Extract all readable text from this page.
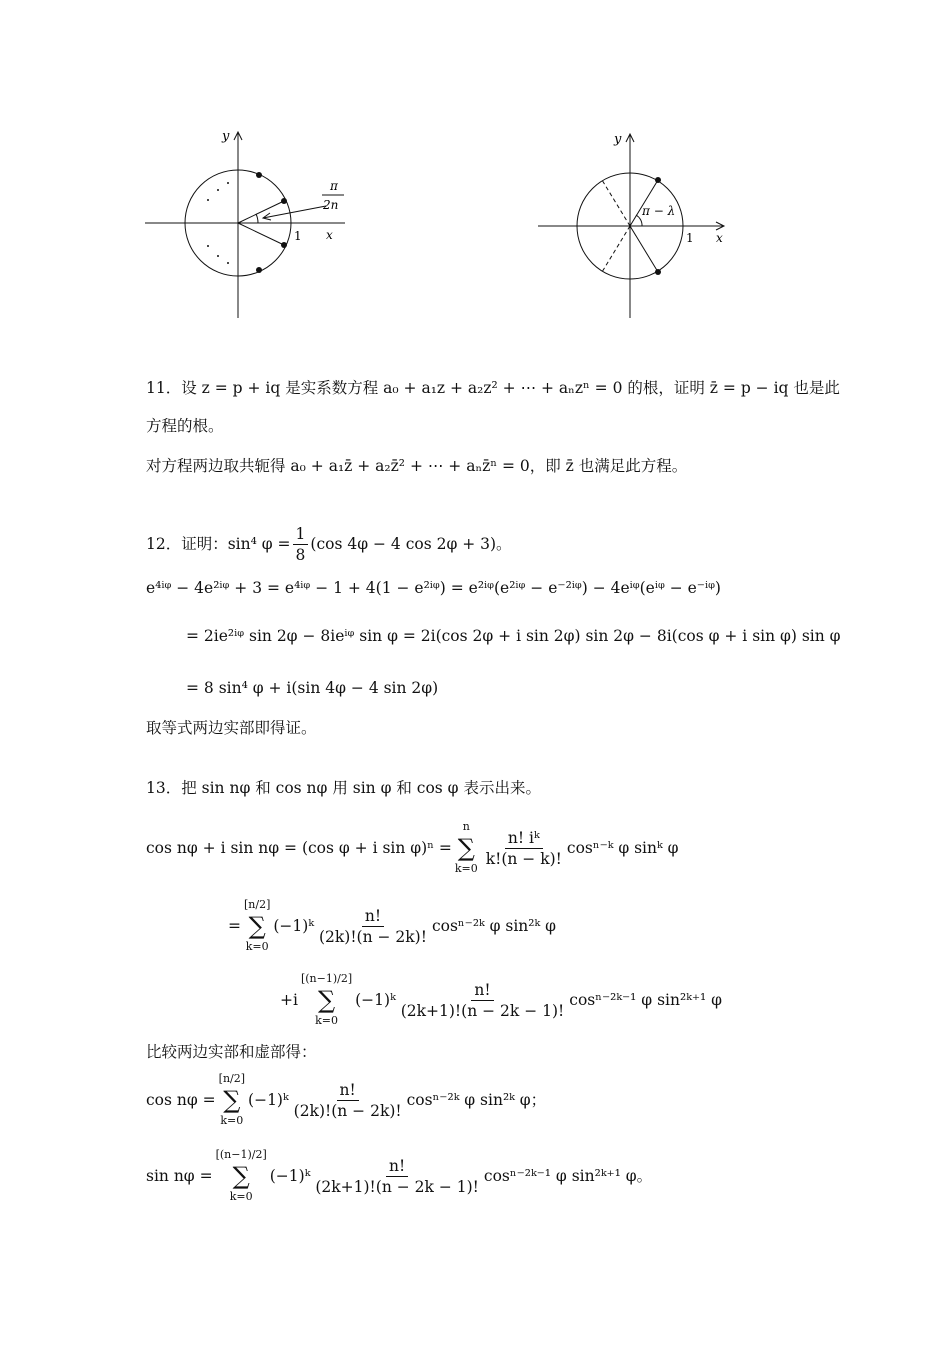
y
x
1
π
2n
y
x
1
π − λ
11．设 z = p + iq 是实系数方程 a₀ + a₁z + a₂z² + ⋯ + aₙzⁿ = 0 的根，证明 z̄ = p − iq 也是此
方程的根。
对方程两边取共轭得 a₀ + a₁z̄ + a₂z̄² + ⋯ + aₙz̄ⁿ = 0，即 z̄ 也满足此方程。
12．证明：sin⁴ $\varphi = \frac{1}{8} (\cos$ 4φ − 4 cos 2φ + 3)。
e⁴ⁱᵠ − 4e²ⁱᵠ + 3 = e⁴ⁱᵠ − 1 + 4(1 − e²ⁱᵠ) = e²ⁱᵠ(e²ⁱᵠ − e⁻²ⁱᵠ) − 4eⁱᵠ(eⁱᵠ − e⁻ⁱᵠ)
= 2ie²ⁱᵠ sin 2φ − 8ieⁱᵠ sin φ = 2i(cos 2φ + i sin 2φ) sin 2φ − 8i(cos φ + i sin φ) sin φ
= 8 sin⁴ φ + i(sin 4φ − 4 sin 2φ)
取等式两边实部即得证。
13．把 sin nφ 和 cos nφ 用 sin φ 和 cos φ 表示出来。
cos nφ + i sin nφ = (cos φ + i sin φ)ⁿ =
n
∑
$k=0 \frac{\text{n! iᵏ}}{k!(n - k)!}$ cosⁿ⁻ᵏ φ sinᵏ φ
=
[n/2]
∑
k=0
(−1)ᵏ $\frac{n!}{(2k)!(n - 2k)!}$ cosⁿ⁻²ᵏ φ sin²ᵏ φ
+i
[(n−1)/2]
∑
k=0
(−1)ᵏ $\frac{n!}{(2k+1)!(n - 2k - 1)!}$ cosⁿ⁻²ᵏ⁻¹ φ sin²ᵏ⁺¹ φ
比较两边实部和虚部得：
cos nφ =
[n/2]
∑
k=0
(−1)ᵏ $\frac{n!}{(2k)!(n - 2k)!}$ cosⁿ⁻²ᵏ φ sin²ᵏ φ；
sin nφ =
[(n−1)/2]
∑
k=0
(−1)ᵏ $\frac{n!}{(2k+1)!(n - 2k - 1)!}$ cosⁿ⁻²ᵏ⁻¹ φ sin²ᵏ⁺¹ φ。
